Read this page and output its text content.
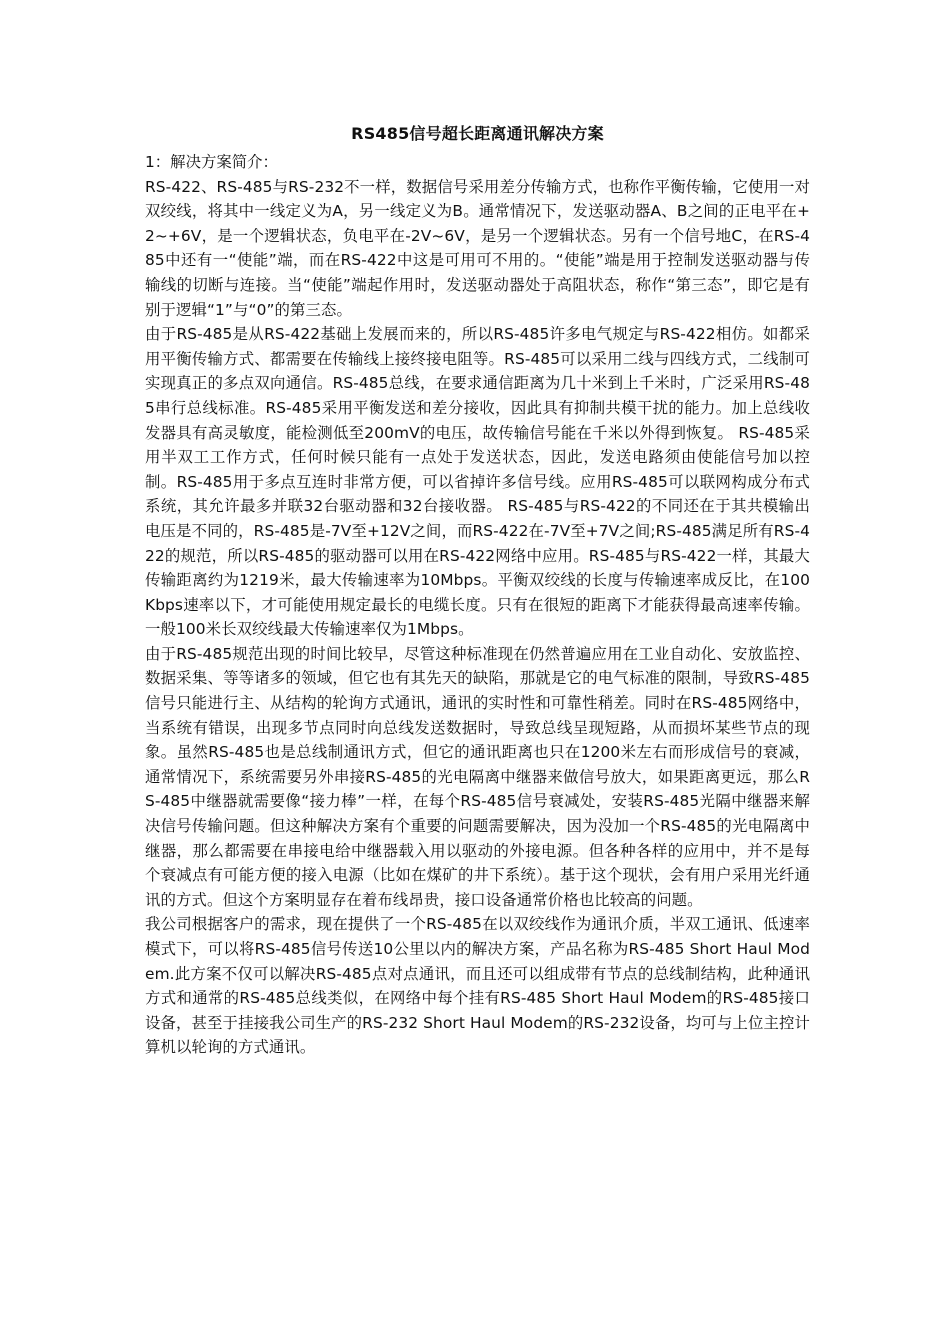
RS485信号超长距离通讯解决方案

1：解决方案简介：

RS-422、RS-485与RS-232不一样，数据信号采用差分传输方式，也称作平衡传输，它使用一对双绞线，将其中一线定义为A，另一线定义为B。通常情况下，发送驱动器A、B之间的正电平在+2~+6V，是一个逻辑状态，负电平在-2V~6V，是另一个逻辑状态。另有一个信号地C，在RS-485中还有一“使能”端，而在RS-422中这是可用可不用的。“使能”端是用于控制发送驱动器与传输线的切断与连接。当“使能”端起作用时，发送驱动器处于高阻状态，称作“第三态”，即它是有别于逻辑“1”与“0”的第三态。

由于RS-485是从RS-422基础上发展而来的，所以RS-485许多电气规定与RS-422相仿。如都采用平衡传输方式、都需要在传输线上接终接电阻等。RS-485可以采用二线与四线方式，二线制可实现真正的多点双向通信。RS-485总线，在要求通信距离为几十米到上千米时，广泛采用RS-485串行总线标准。RS-485采用平衡发送和差分接收，因此具有抑制共模干扰的能力。加上总线收发器具有高灵敏度，能检测低至200mV的电压，故传输信号能在千米以外得到恢复。 RS-485采用半双工工作方式，任何时候只能有一点处于发送状态，因此，发送电路须由使能信号加以控制。RS-485用于多点互连时非常方便，可以省掉许多信号线。应用RS-485可以联网构成分布式系统，其允许最多并联32台驱动器和32台接收器。 RS-485与RS-422的不同还在于其共模输出电压是不同的，RS-485是-7V至+12V之间，而RS-422在-7V至+7V之间;RS-485满足所有RS-422的规范，所以RS-485的驱动器可以用在RS-422网络中应用。RS-485与RS-422一样，其最大传输距离约为1219米，最大传输速率为10Mbps。平衡双绞线的长度与传输速率成反比，在100Kbps速率以下，才可能使用规定最长的电缆长度。只有在很短的距离下才能获得最高速率传输。一般100米长双绞线最大传输速率仅为1Mbps。

由于RS-485规范出现的时间比较早，尽管这种标准现在仍然普遍应用在工业自动化、安放监控、数据采集、等等诸多的领域，但它也有其先天的缺陷，那就是它的电气标准的限制，导致RS-485信号只能进行主、从结构的轮询方式通讯，通讯的实时性和可靠性稍差。同时在RS-485网络中，当系统有错误，出现多节点同时向总线发送数据时，导致总线呈现短路，从而损坏某些节点的现象。虽然RS-485也是总线制通讯方式，但它的通讯距离也只在1200米左右而形成信号的衰减，通常情况下，系统需要另外串接RS-485的光电隔离中继器来做信号放大，如果距离更远，那么RS-485中继器就需要像“接力棒”一样，在每个RS-485信号衰减处，安装RS-485光隔中继器来解决信号传输问题。但这种解决方案有个重要的问题需要解决，因为没加一个RS-485的光电隔离中继器，那么都需要在串接电给中继器载入用以驱动的外接电源。但各种各样的应用中，并不是每个衰减点有可能方便的接入电源（比如在煤矿的井下系统）。基于这个现状，会有用户采用光纤通讯的方式。但这个方案明显存在着布线昂贵，接口设备通常价格也比较高的问题。

我公司根据客户的需求，现在提供了一个RS-485在以双绞线作为通讯介质，半双工通讯、低速率模式下，可以将RS-485信号传送10公里以内的解决方案，产品名称为RS-485 Short Haul Modem.此方案不仅可以解决RS-485点对点通讯，而且还可以组成带有节点的总线制结构，此种通讯方式和通常的RS-485总线类似，在网络中每个挂有RS-485 Short Haul Modem的RS-485接口设备，甚至于挂接我公司生产的RS-232 Short Haul Modem的RS-232设备，均可与上位主控计算机以轮询的方式通讯。
